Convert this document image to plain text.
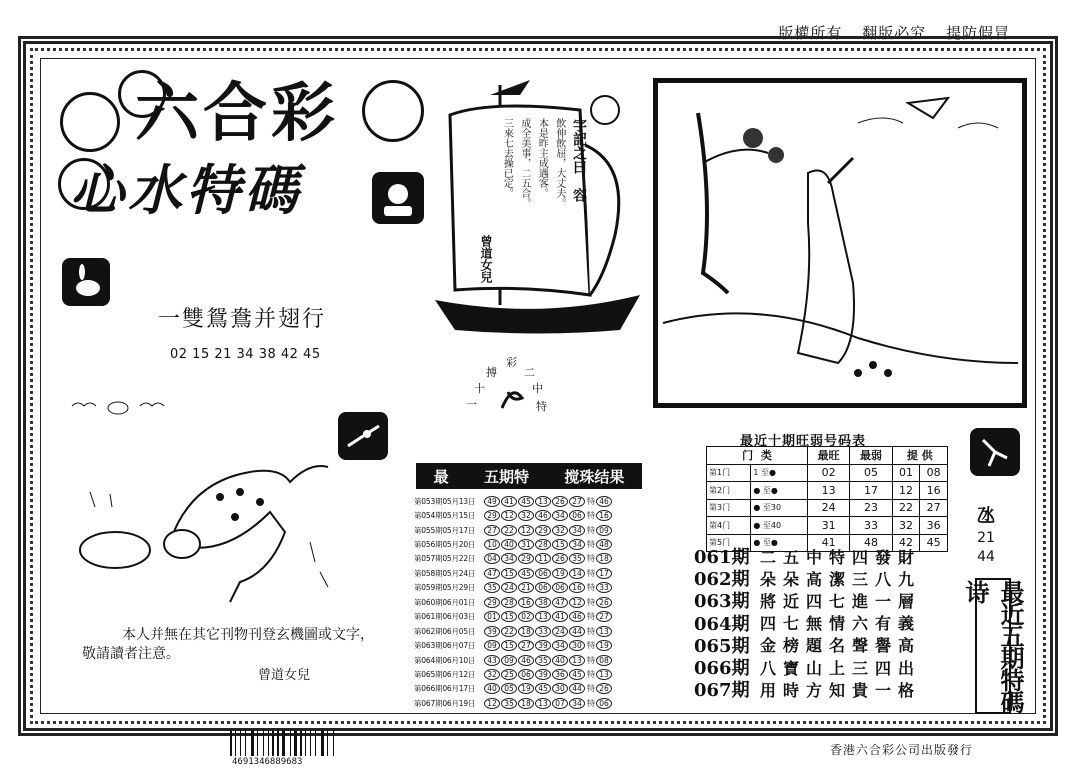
版權所有 翻版必究 提防假冒
六合彩
心水特碼
字記之曰：容
飲伸飲屈，大丈夫。
本是昨主成遇客。
成全美事，二五合。
三來七去操已定。
曾道女兒
一雙鴛鴦并翅行
02 15 21 34 38 42 45
彩
二
中
特
一
十
搏
本人并無在其它刊物刊登玄機圖或文字，
敬請讀者注意。
曾道女兒
最 五期特 搅珠结果
第053期05月13日	49 41 45 13 26 27 特 46
第054期05月15日	29 12 32 46 34 06 特 16
第055期05月17日	27 22 12 29 32 34 特 09
第056期05月20日	10 40 31 28 15 34 特 48
第057期05月22日	04 34 29 11 26 35 特 18
第058期05月24日	47 15 45 06 19 14 特 17
第059期05月29日	35 24 21 06 06 16 特 33
第060期06月01日	29 28 16 38 47 12 特 26
第061期06月03日	01 15 02 13 41 46 特 27
第062期06月05日	39 22 18 33 24 44 特 13
第063期06月07日	09 15 27 39 34 30 特 19
第064期06月10日	43 09 46 35 40 13 特 08
第065期06月12日	32 25 06 39 36 45 特 13
第066期06月17日	40 05 19 45 30 44 特 26
第067期06月19日	12 35 18 13 07 34 特 06
最近十期旺弱号码表
门 类		最旺	最弱	提 供	
第1门	1 至●	02	05	01	08
第2门	● 至●	13	17	12	16
第3门	● 至30	24	23	22	27
第4门	● 至40	31	33	32	36
第5门	● 至●	41	48	42	45
061期 二五中特四發財
062期 朵朵高潔三八九
063期 將近四七進一層
064期 四七無情六有義
065期 金榜題名聲譽高
066期 八寶山上三四出
067期 用時方知貴一格
氹
21
44
最近五期特碼诗
4691346889683
香港六合彩公司出版發行
